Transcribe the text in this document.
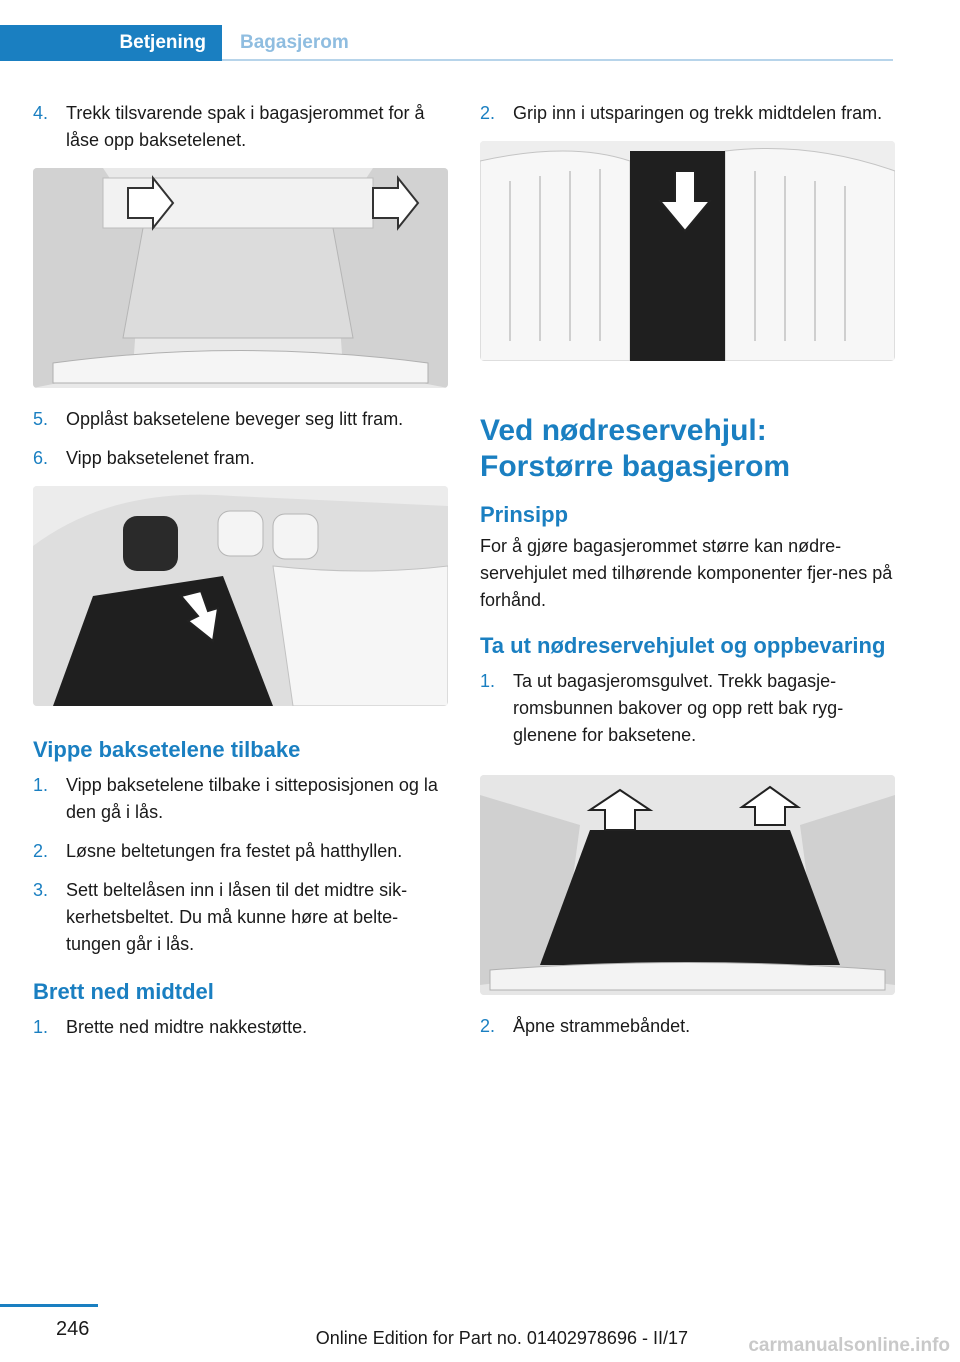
Betjening	Bagasjerom
4. Trekk tilsvarende spak i bagasjerommet for å låse opp baksetelenet.
5. Opplåst baksetelene beveger seg litt fram.
6. Vipp baksetelenet fram.
Vippe baksetelene tilbake
1. Vipp baksetelene tilbake i sitteposisjonen og la den gå i lås.
2. Løsne beltetungen fra festet på hatthyllen.
3. Sett beltelåsen inn i låsen til det midtre sik-kerhetsbeltet. Du må kunne høre at belte-tungen går i lås.
Brett ned midtdel
1. Brette ned midtre nakkestøtte.
2. Grip inn i utsparingen og trekk midtdelen fram.
Ved nødreservehjul: Forstørre bagasjerom
Prinsipp

For å gjøre bagasjerommet større kan nødre-servehjulet med tilhørende komponenter fjer-nes på forhånd.

Ta ut nødreservehjulet og oppbevaring
1. Ta ut bagasjeromsgulvet. Trekk bagasje-romsbunnen bakover og opp rett bak ryg-glenene for baksetene.
2. Åpne strammebåndet.
246	Online Edition for Part no. 01402978696 - II/17	carmanualsonline.info
